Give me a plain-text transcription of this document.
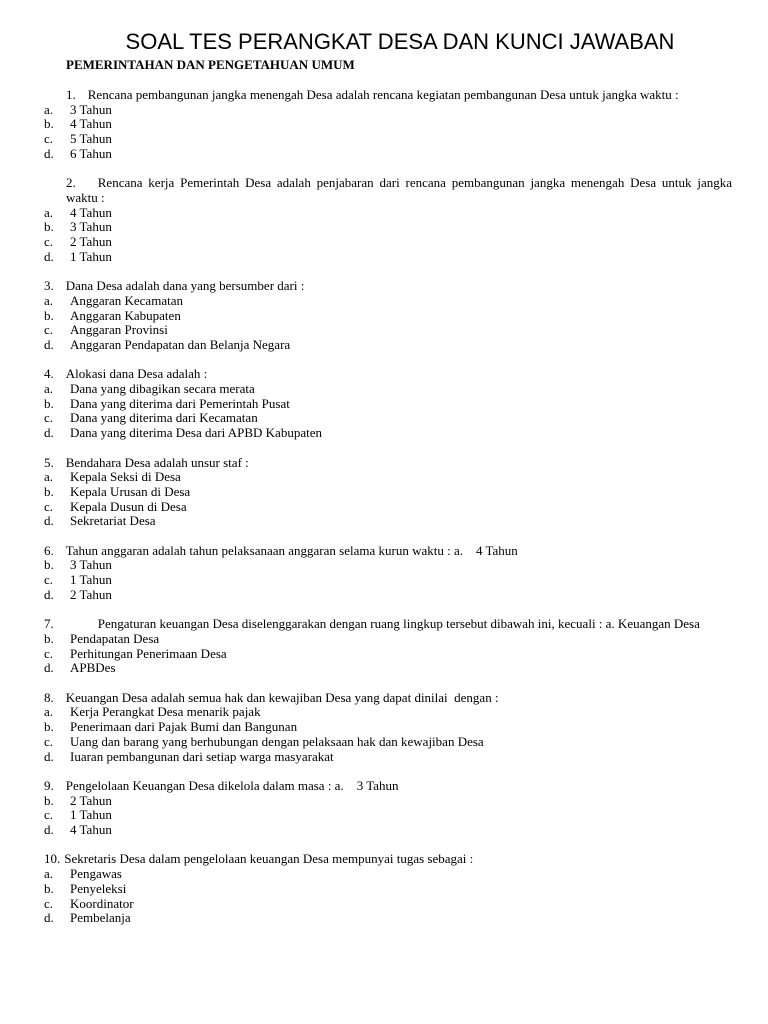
SOAL TES PERANGKAT DESA DAN KUNCI JAWABAN
PEMERINTAHAN DAN PENGETAHUAN UMUM
1. Rencana pembangunan jangka menengah Desa adalah rencana kegiatan pembangunan Desa untuk jangka waktu :
a.	3 Tahun
b.	4 Tahun
c.	5 Tahun
d.	6 Tahun
2. Rencana kerja Pemerintah Desa adalah penjabaran dari rencana pembangunan jangka menengah Desa untuk jangka waktu :
a.	4 Tahun
b.	3 Tahun
c.	2 Tahun
d.	1 Tahun
3. Dana Desa adalah dana yang bersumber dari :
a.	Anggaran Kecamatan
b.	Anggaran Kabupaten
c.	Anggaran Provinsi
d.	Anggaran Pendapatan dan Belanja Negara
4. Alokasi dana Desa adalah :
a.	Dana yang dibagikan secara merata
b.	Dana yang diterima dari Pemerintah Pusat
c.	Dana yang diterima dari Kecamatan
d.	Dana yang diterima Desa dari APBD Kabupaten
5. Bendahara Desa adalah unsur staf :
a.	Kepala Seksi di Desa
b.	Kepala Urusan di Desa
c.	Kepala Dusun di Desa
d.	Sekretariat Desa
6. Tahun anggaran adalah tahun pelaksanaan anggaran selama kurun waktu : a.    4 Tahun
b.	3 Tahun
c.	1 Tahun
d.	2 Tahun
7.	Pengaturan keuangan Desa diselenggarakan dengan ruang lingkup tersebut dibawah ini, kecuali : a. Keuangan Desa
b.	Pendapatan Desa
c.	Perhitungan Penerimaan Desa
d.	APBDes
8. Keuangan Desa adalah semua hak dan kewajiban Desa yang dapat dinilai  dengan :
a.	Kerja Perangkat Desa menarik pajak
b.	Penerimaan dari Pajak Bumi dan Bangunan
c.	Uang dan barang yang berhubungan dengan pelaksaan hak dan kewajiban Desa
d.	Iuaran pembangunan dari setiap warga masyarakat
9. Pengelolaan Keuangan Desa dikelola dalam masa : a.    3 Tahun
b.	2 Tahun
c.	1 Tahun
d.	4 Tahun
10. Sekretaris Desa dalam pengelolaan keuangan Desa mempunyai tugas sebagai :
a.	Pengawas
b.	Penyeleksi
c.	Koordinator
d.	Pembelanja
